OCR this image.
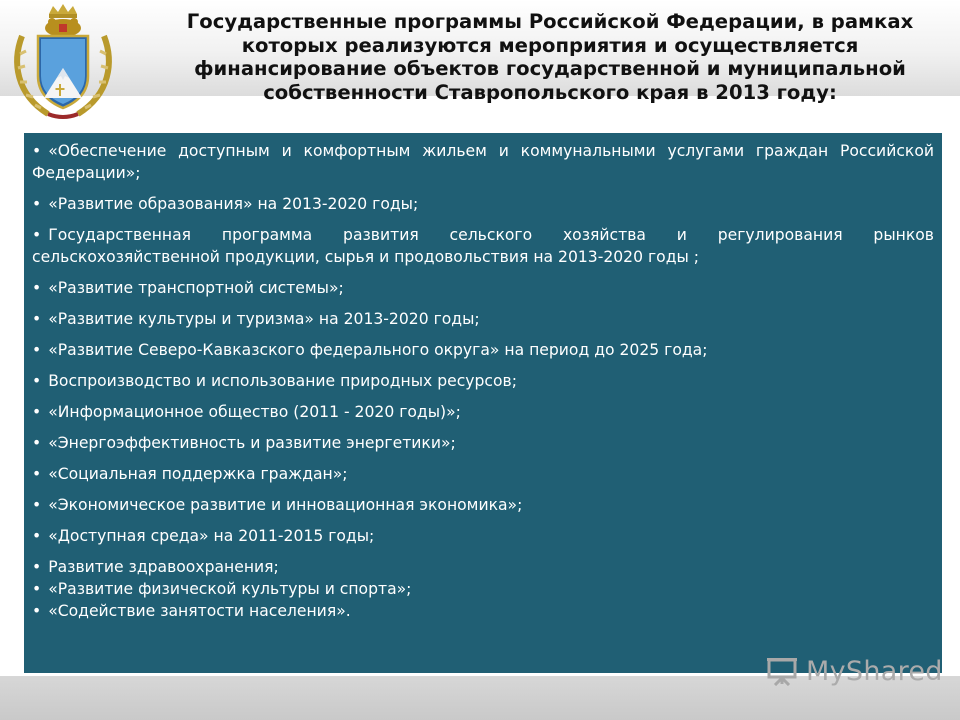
Государственные программы Российской Федерации, в рамках которых реализуются мероприятия и осуществляется финансирование объектов государственной и муниципальной собственности Ставропольского края в 2013 году:

• «Обеспечение доступным и комфортным жильем и коммунальными услугами граждан Российской Федерации»;

• «Развитие образования» на 2013-2020 годы;

• Государственная программа развития сельского хозяйства и регулирования рынков сельскохозяйственной продукции, сырья и продовольствия на 2013-2020 годы ;

• «Развитие транспортной системы»;

• «Развитие культуры и туризма» на 2013-2020 годы;

• «Развитие Северо-Кавказского федерального округа» на период до 2025 года;

• Воспроизводство и использование природных ресурсов;

• «Информационное общество (2011 - 2020 годы)»;

• «Энергоэффективность и развитие энергетики»;

• «Социальная поддержка граждан»;

• «Экономическое развитие и инновационная экономика»;

• «Доступная среда» на 2011-2015 годы;

• Развитие здравоохранения;

• «Развитие физической культуры и спорта»;

• «Содействие занятости населения».

MyShared
